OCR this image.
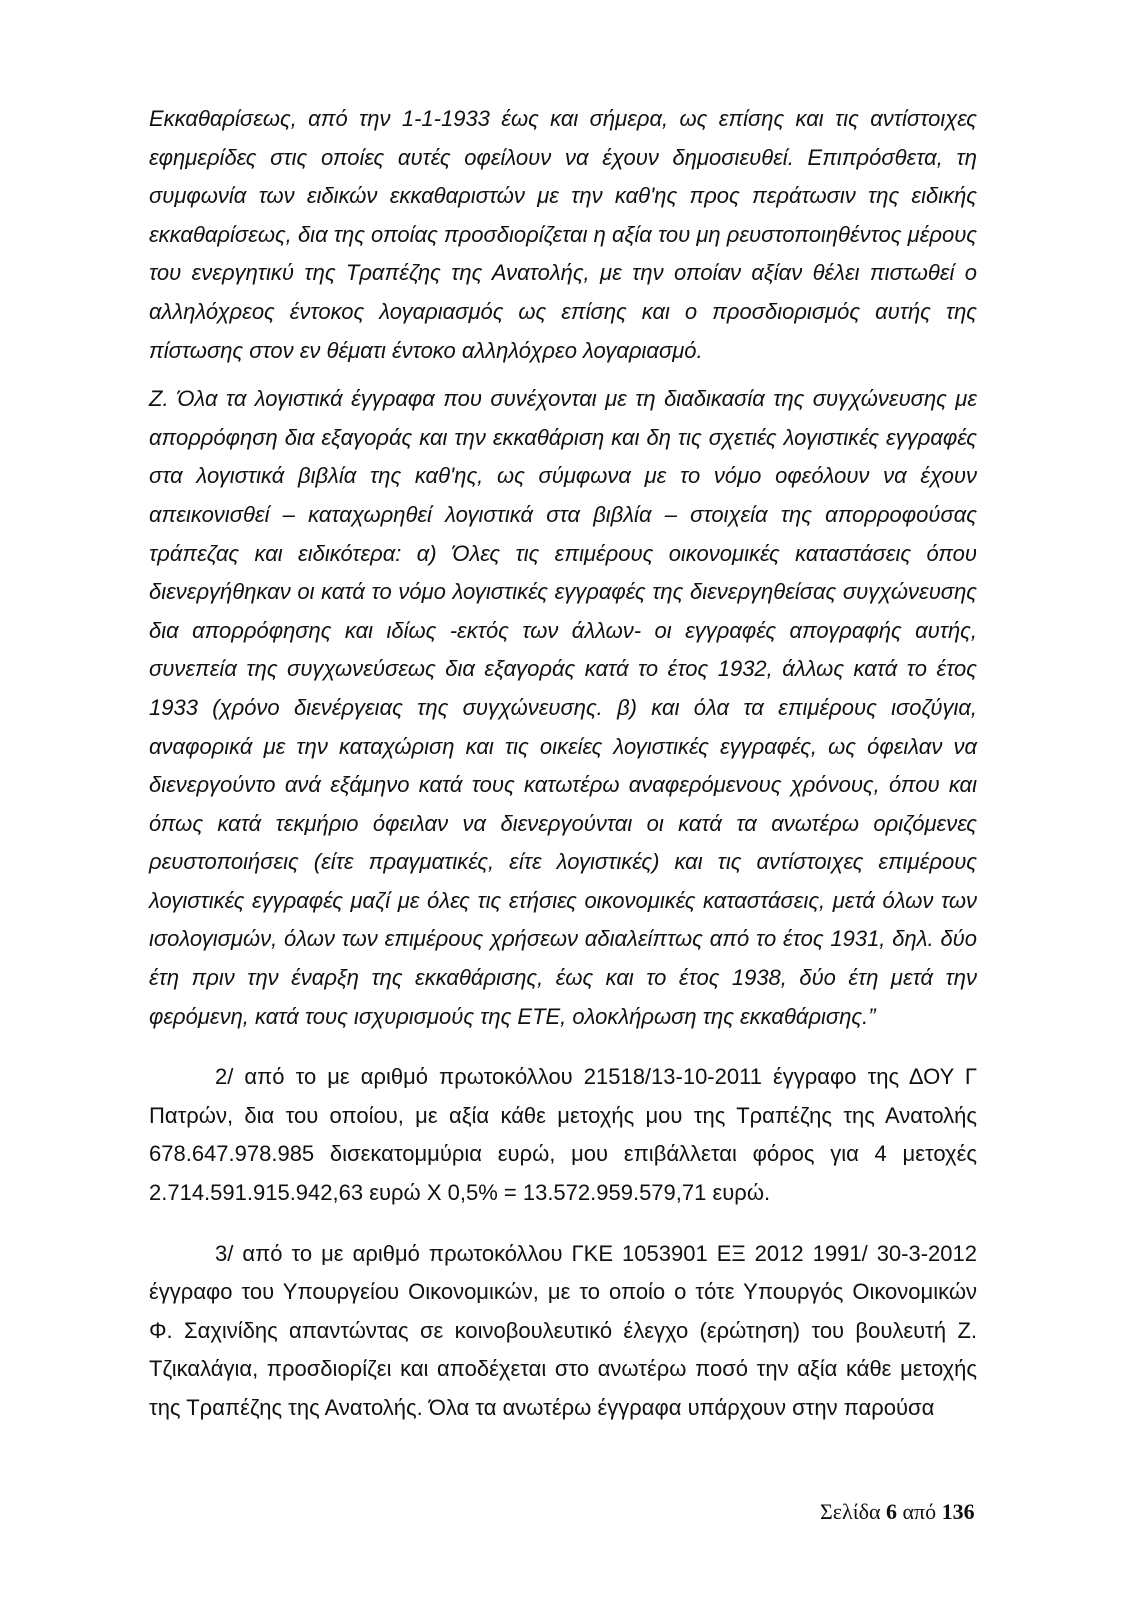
Εκκαθαρίσεως, από την 1-1-1933 έως και σήμερα, ως επίσης και τις αντίστοιχες εφημερίδες στις οποίες αυτές οφείλουν να έχουν δημοσιευθεί. Επιπρόσθετα, τη συμφωνία των ειδικών εκκαθαριστών με την καθ'ης προς περάτωσιν της ειδικής εκκαθαρίσεως, δια της οποίας προσδιορίζεται η αξία του μη ρευστοποιηθέντος μέρους του ενεργητικύ της Τραπέζης της Ανατολής, με την οποίαν αξίαν θέλει πιστωθεί ο αλληλόχρεος έντοκος λογαριασμός ως επίσης και ο προσδιορισμός αυτής της πίστωσης στον εν θέματι έντοκο αλληλόχρεο λογαριασμό.

Ζ. Όλα τα λογιστικά έγγραφα που συνέχονται με τη διαδικασία της συγχώνευσης με απορρόφηση δια εξαγοράς και την εκκαθάριση και δη τις σχετιές λογιστικές εγγραφές στα λογιστικά βιβλία της καθ'ης, ως σύμφωνα με το νόμο οφεόλουν να έχουν απεικονισθεί – καταχωρηθεί λογιστικά στα βιβλία – στοιχεία της απορροφούσας τράπεζας και ειδικότερα: α) Όλες τις επιμέρους οικονομικές καταστάσεις όπου διενεργήθηκαν οι κατά το νόμο λογιστικές εγγραφές της διενεργηθείσας συγχώνευσης δια απορρόφησης και ιδίως -εκτός των άλλων- οι εγγραφές απογραφής αυτής, συνεπεία της συγχωνεύσεως δια εξαγοράς κατά το έτος 1932, άλλως κατά το έτος 1933 (χρόνο διενέργειας της συγχώνευσης. β) και όλα τα επιμέρους ισοζύγια, αναφορικά με την καταχώριση και τις οικείες λογιστικές εγγραφές, ως όφειλαν να διενεργούντο ανά εξάμηνο κατά τους κατωτέρω αναφερόμενους χρόνους, όπου και όπως κατά τεκμήριο όφειλαν να διενεργούνται οι κατά τα ανωτέρω οριζόμενες ρευστοποιήσεις (είτε πραγματικές, είτε λογιστικές) και τις αντίστοιχες επιμέρους λογιστικές εγγραφές μαζί με όλες τις ετήσιες οικονομικές καταστάσεις, μετά όλων των ισολογισμών, όλων των επιμέρους χρήσεων αδιαλείπτως από το έτος 1931, δηλ. δύο έτη πριν την έναρξη της εκκαθάρισης, έως και το έτος 1938, δύο έτη μετά την φερόμενη, κατά τους ισχυρισμούς της ΕΤΕ, ολοκλήρωση της εκκαθάρισης.”

2/ από το με αριθμό πρωτοκόλλου 21518/13-10-2011 έγγραφο της ΔΟΥ Γ Πατρών, δια του οποίου, με αξία κάθε μετοχής μου της Τραπέζης της Ανατολής 678.647.978.985 δισεκατομμύρια ευρώ, μου επιβάλλεται φόρος για 4 μετοχές 2.714.591.915.942,63 ευρώ Χ 0,5% = 13.572.959.579,71 ευρώ.

3/ από το με αριθμό πρωτοκόλλου ΓΚΕ 1053901 ΕΞ 2012 1991/ 30-3-2012 έγγραφο του Υπουργείου Οικονομικών, με το οποίο ο τότε Υπουργός Οικονομικών Φ. Σαχινίδης απαντώντας σε κοινοβουλευτικό έλεγχο (ερώτηση) του βουλευτή Ζ. Τζικαλάγια, προσδιορίζει και αποδέχεται στο ανωτέρω ποσό την αξία κάθε μετοχής της Τραπέζης της Ανατολής. Όλα τα ανωτέρω έγγραφα υπάρχουν στην παρούσα

Σελίδα 6 από 136
